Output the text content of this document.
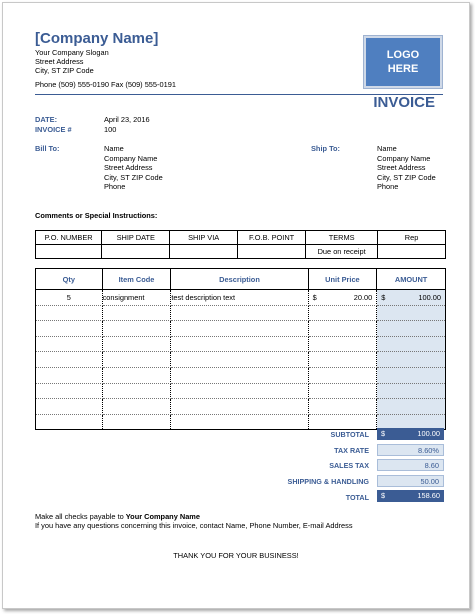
[Company Name]
Your Company Slogan
Street Address
City, ST ZIP Code
Phone (509) 555-0190 Fax (509) 555-0191
LOGO
HERE
INVOICE
DATE:	April 23, 2016
INVOICE #	100
Bill To:	Name
Company Name
Street Address
City, ST ZIP Code
Phone
Ship To:	Name
Company Name
Street Address
City, ST ZIP Code
Phone
Comments or Special Instructions:
P.O. NUMBER	SHIP DATE	SHIP VIA	F.O.B. POINT	TERMS	Rep
				Due on receipt	
Qty	Item Code	Description	Unit Price	AMOUNT
5	consignment	test description text	$ 20.00	$ 100.00

SUBTOTAL $	100.00
TAX RATE	8.60%
SALES TAX	8.60
SHIPPING & HANDLING	50.00
TOTAL $	158.60
Make all checks payable to Your Company Name
If you have any questions concerning this invoice, contact Name, Phone Number, E-mail Address
THANK YOU FOR YOUR BUSINESS!
